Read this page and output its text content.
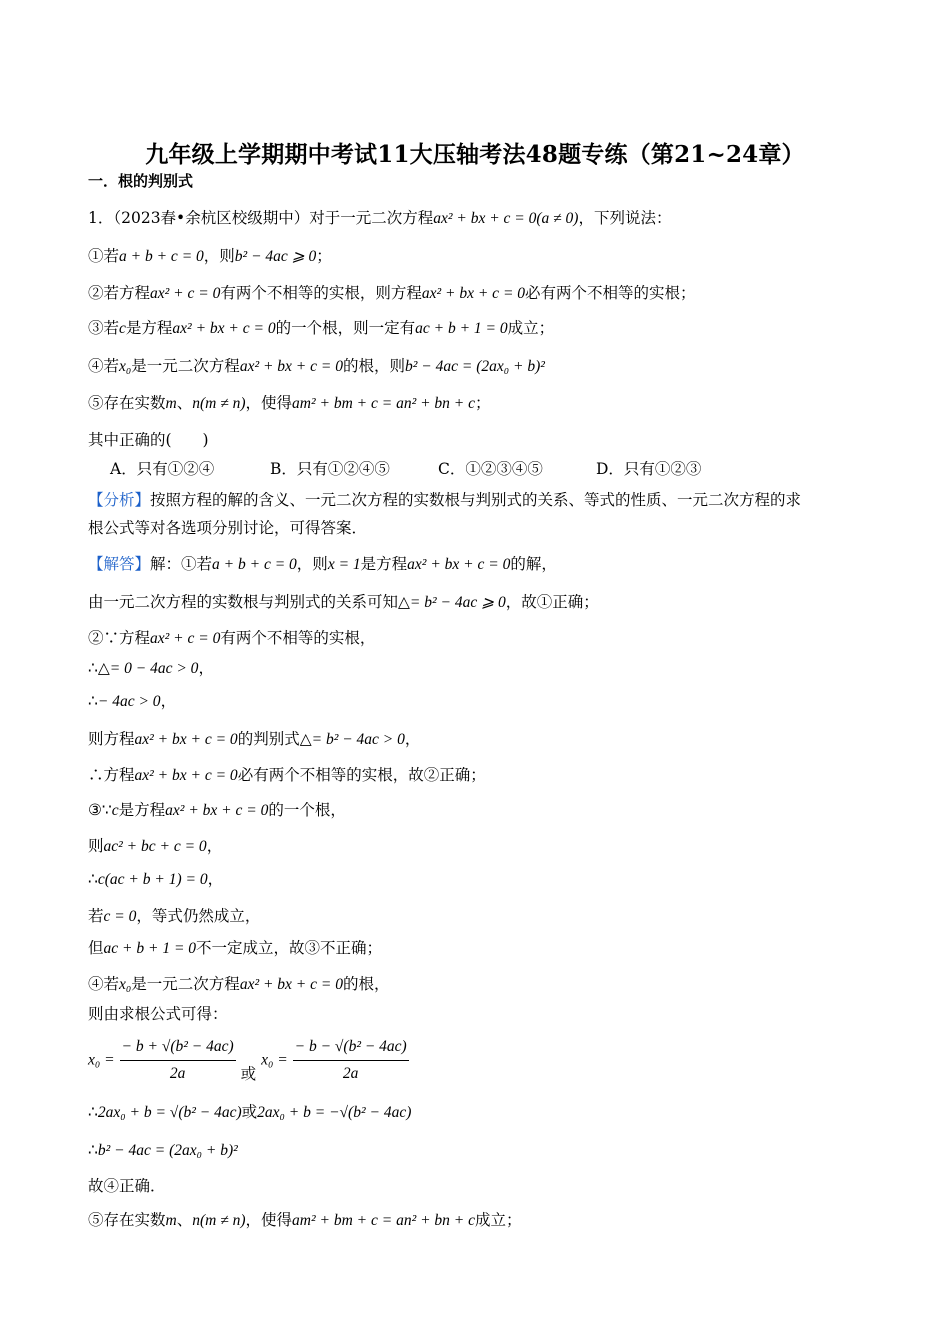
九年级上学期期中考试11大压轴考法48题专练（第21~24章）
一．根的判别式
1．（2023春•余杭区校级期中）对于一元二次方程ax² + bx + c = 0(a ≠ 0)，下列说法：
①若a + b + c = 0，则b² − 4ac ⩾ 0；
②若方程ax² + c = 0有两个不相等的实根，则方程ax² + bx + c = 0必有两个不相等的实根；
③若c是方程ax² + bx + c = 0的一个根，则一定有ac + b + 1 = 0成立；
④若x₀是一元二次方程ax² + bx + c = 0的根，则b² − 4ac = (2ax₀ + b)²
⑤存在实数m、n(m ≠ n)，使得am² + bm + c = an² + bn + c；
其中正确的(　　)
A．只有①②④	B．只有①②④⑤	C．①②③④⑤	D．只有①②③
【分析】按照方程的解的含义、一元二次方程的实数根与判别式的关系、等式的性质、一元二次方程的求
根公式等对各选项分别讨论，可得答案．
【解答】解：①若a + b + c = 0，则x = 1是方程ax² + bx + c = 0的解，
由一元二次方程的实数根与判别式的关系可知△= b² − 4ac ⩾ 0，故①正确；
②∵方程ax² + c = 0有两个不相等的实根，
∴△= 0 − 4ac > 0，
∴− 4ac > 0，
则方程ax² + bx + c = 0的判别式△= b² − 4ac > 0，
∴方程ax² + bx + c = 0必有两个不相等的实根，故②正确；
③∵c是方程ax² + bx + c = 0的一个根，
则ac² + bc + c = 0，
∴c(ac + b + 1) = 0，
若c = 0，等式仍然成立，
但ac + b + 1 = 0不一定成立，故③不正确；
④若x₀是一元二次方程ax² + bx + c = 0的根，
则由求根公式可得：
$x_0 = \frac{\text{− b + √(b² − 4ac)}}{2a}$ 或 $x_0 = \frac{\text{− b − √(b² − 4ac)}}{2a}$
∴2ax₀ + b = √(b² − 4ac)或2ax₀ + b = −√(b² − 4ac)
∴b² − 4ac = (2ax₀ + b)²
故④正确．
⑤存在实数m、n(m ≠ n)，使得am² + bm + c = an² + bn + c成立；
